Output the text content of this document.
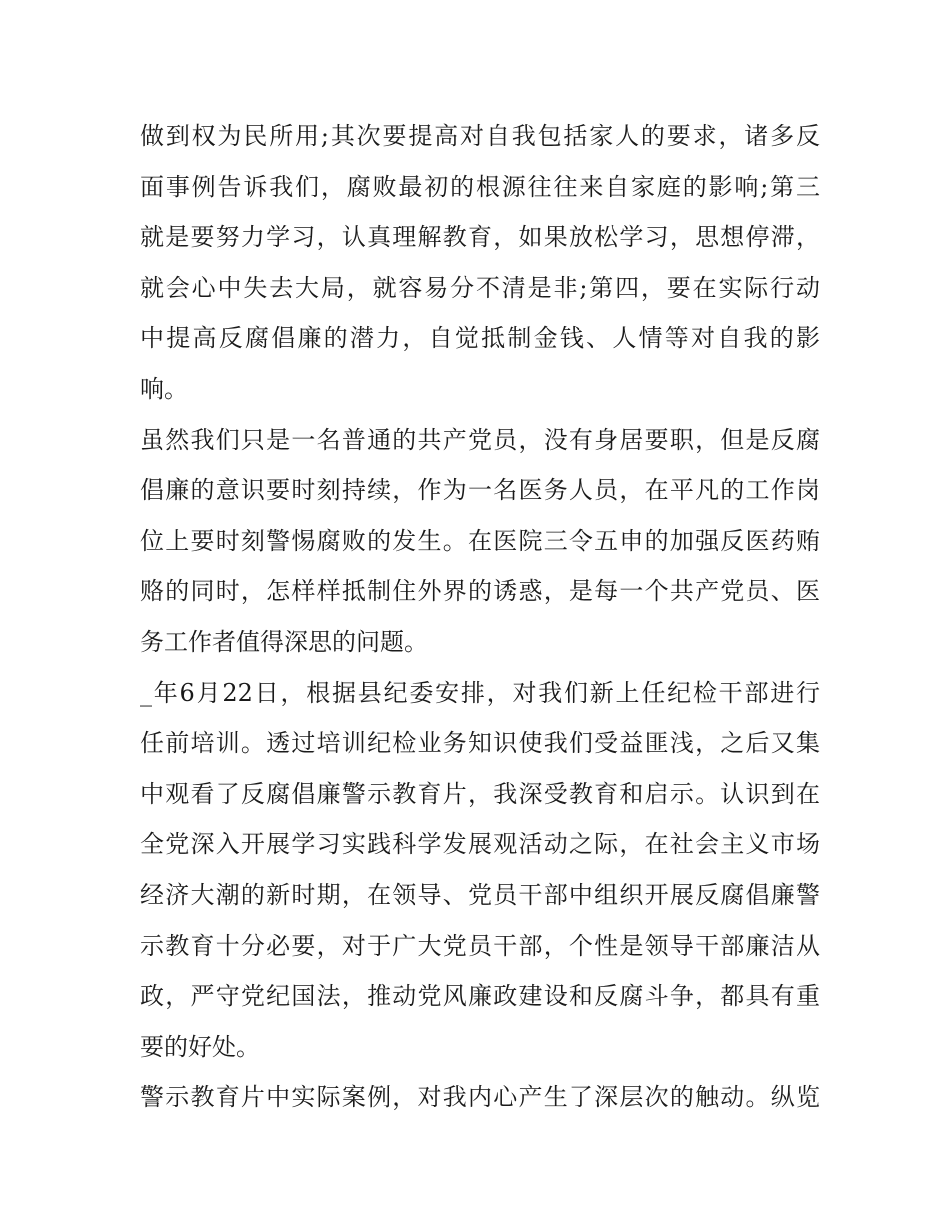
做到权为民所用;其次要提高对自我包括家人的要求，诸多反
面事例告诉我们，腐败最初的根源往往来自家庭的影响;第三
就是要努力学习，认真理解教育，如果放松学习，思想停滞，
就会心中失去大局，就容易分不清是非;第四，要在实际行动
中提高反腐倡廉的潜力，自觉抵制金钱、人情等对自我的影
响。
虽然我们只是一名普通的共产党员，没有身居要职，但是反腐
倡廉的意识要时刻持续，作为一名医务人员，在平凡的工作岗
位上要时刻警惕腐败的发生。在医院三令五申的加强反医药贿
赂的同时，怎样样抵制住外界的诱惑，是每一个共产党员、医
务工作者值得深思的问题。
_年6月22日，根据县纪委安排，对我们新上任纪检干部进行
任前培训。透过培训纪检业务知识使我们受益匪浅，之后又集
中观看了反腐倡廉警示教育片，我深受教育和启示。认识到在
全党深入开展学习实践科学发展观活动之际，在社会主义市场
经济大潮的新时期，在领导、党员干部中组织开展反腐倡廉警
示教育十分必要，对于广大党员干部，个性是领导干部廉洁从
政，严守党纪国法，推动党风廉政建设和反腐斗争，都具有重
要的好处。
警示教育片中实际案例，对我内心产生了深层次的触动。纵览
